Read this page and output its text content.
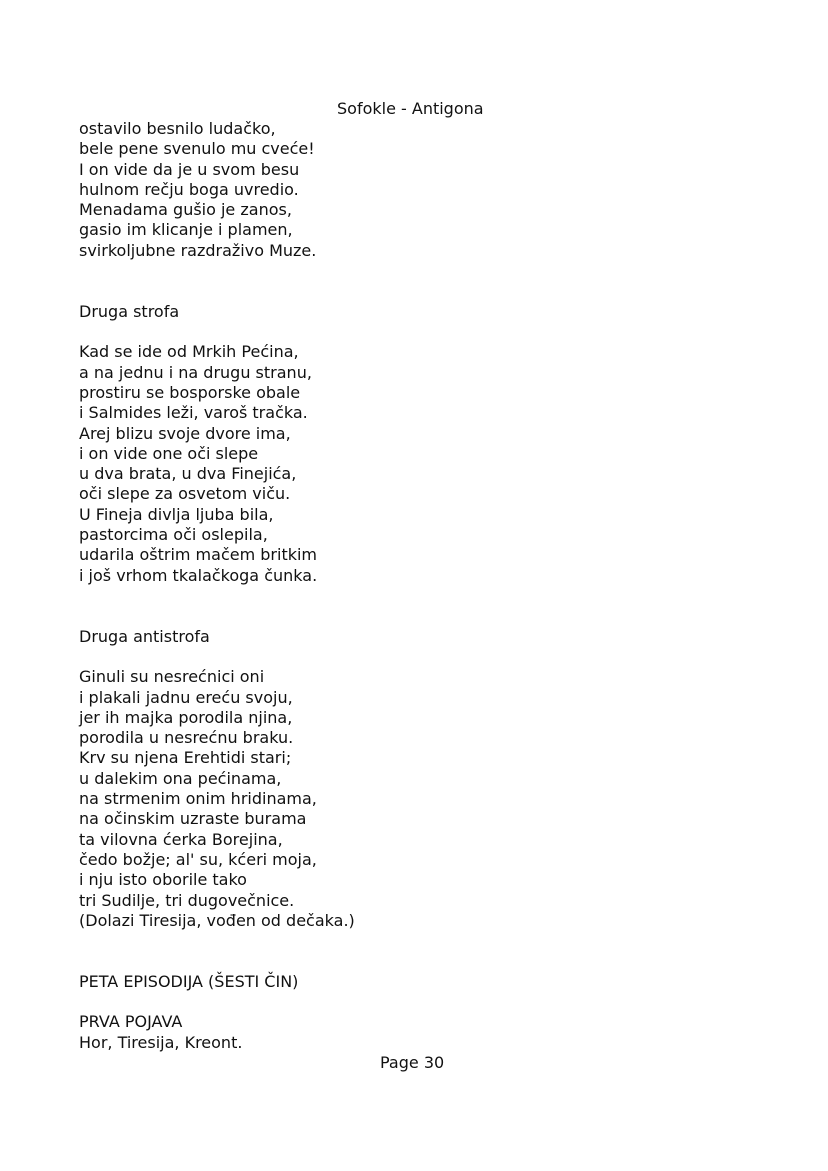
Sofokle - Antigona
ostavilo besnilo ludačko,
bele pene svenulo mu cveće!
I on vide da je u svom besu
hulnom rečju boga uvredio.
Menadama gušio je zanos,
gasio im klicanje i plamen,
svirkoljubne razdraživo Muze.
Druga strofa
Kad se ide od Mrkih Pećina,
a na jednu i na drugu stranu,
prostiru se bosporske obale
i Salmides leži, varoš tračka.
Arej blizu svoje dvore ima,
i on vide one oči slepe
u dva brata, u dva Finejića,
oči slepe za osvetom viču.
U Fineja divlja ljuba bila,
pastorcima oči oslepila,
udarila oštrim mačem britkim
i još vrhom tkalačkoga čunka.
Druga antistrofa
Ginuli su nesrećnici oni
i plakali jadnu ereću svoju,
jer ih majka porodila njina,
porodila u nesrećnu braku.
Krv su njena Erehtidi stari;
u dalekim ona pećinama,
na strmenim onim hridinama,
na očinskim uzraste burama
ta vilovna ćerka Borejina,
čedo božje; al' su, kćeri moja,
i nju isto oborile tako
tri Sudilje, tri dugovečnice.
(Dolazi Tiresija, vođen od dečaka.)
PETA EPISODIJA (ŠESTI ČIN)
PRVA POJAVA
Hor, Tiresija, Kreont.
Page 30
